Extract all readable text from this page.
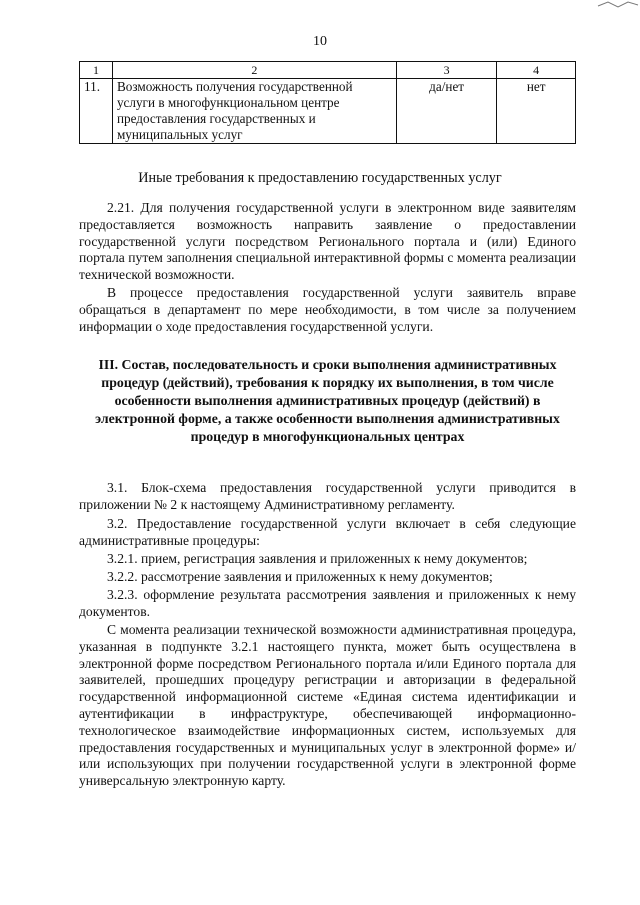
10
1	2	3	4
11.	Возможность получения государственной услуги в многофункциональном центре предоставления государственных и муниципальных услуг	да/нет	нет
Иные требования к предоставлению государственных услуг

2.21. Для получения государственной услуги в электронном виде заявителям предоставляется возможность направить заявление о предоставлении государственной услуги посредством Регионального портала и (или) Единого портала путем заполнения специальной интерактивной формы с момента реализации технической возможности.

В процессе предоставления государственной услуги заявитель вправе обращаться в департамент по мере необходимости, в том числе за получением информации о ходе предоставления государственной услуги.

III. Состав, последовательность и сроки выполнения административных процедур (действий), требования к порядку их выполнения, в том числе особенности выполнения административных процедур (действий) в электронной форме, а также особенности выполнения административных процедур в многофункциональных центрах

3.1. Блок-схема предоставления государственной услуги приводится в приложении № 2 к настоящему Административному регламенту.

3.2. Предоставление государственной услуги включает в себя следующие административные процедуры:

3.2.1. прием, регистрация заявления и приложенных к нему документов;

3.2.2. рассмотрение заявления и приложенных к нему документов;

3.2.3. оформление результата рассмотрения заявления и приложенных к нему документов.

С момента реализации технической возможности административная процедура, указанная в подпункте 3.2.1 настоящего пункта, может быть осуществлена в электронной форме посредством Регионального портала и/или Единого портала для заявителей, прошедших процедуру регистрации и авторизации в федеральной государственной информационной системе «Единая система идентификации и аутентификации в инфраструктуре, обеспечивающей информационно-технологическое взаимодействие информационных систем, используемых для предоставления государственных и муниципальных услуг в электронной форме» и/или использующих при получении государственной услуги в электронной форме универсальную электронную карту.
